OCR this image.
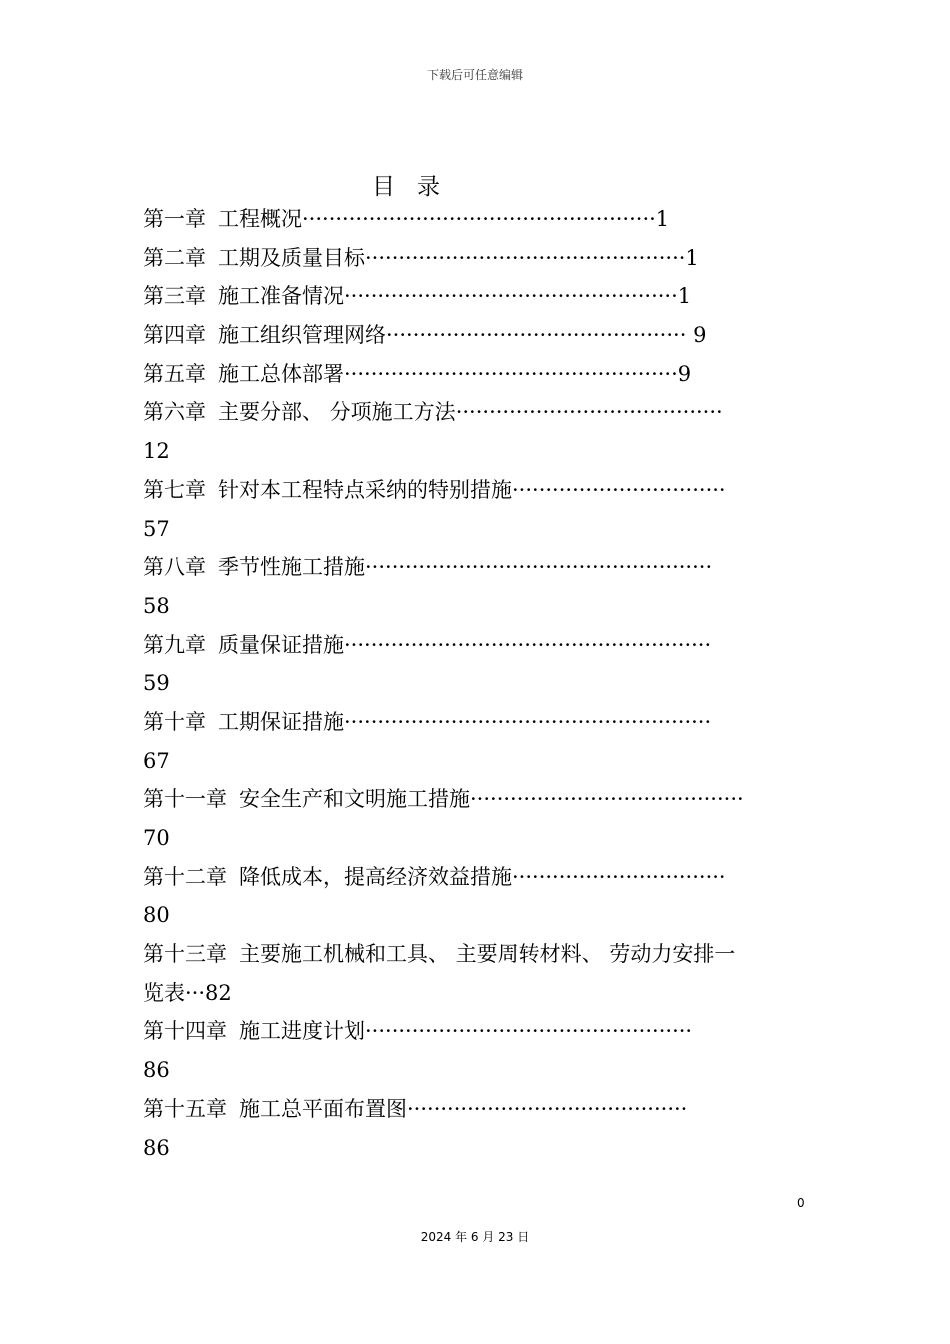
下载后可任意编辑
目录
第一章 工程概况·····················································1
第二章 工期及质量目标················································1
第三章 施工准备情况··················································1
第四章 施工组织管理网络············································· 9
第五章 施工总体部署··················································9
第六章 主要分部、 分项施工方法········································
12
第七章 针对本工程特点采纳的特别措施································
57
第八章 季节性施工措施····················································
58
第九章 质量保证措施·······················································
59
第十章 工期保证措施·······················································
67
第十一章 安全生产和文明施工措施·········································
70
第十二章 降低成本，提高经济效益措施································
80
第十三章 主要施工机械和工具、 主要周转材料、 劳动力安排一
览表···82
第十四章 施工进度计划·················································
86
第十五章 施工总平面布置图··········································
86
0
2024 年 6 月 23 日
